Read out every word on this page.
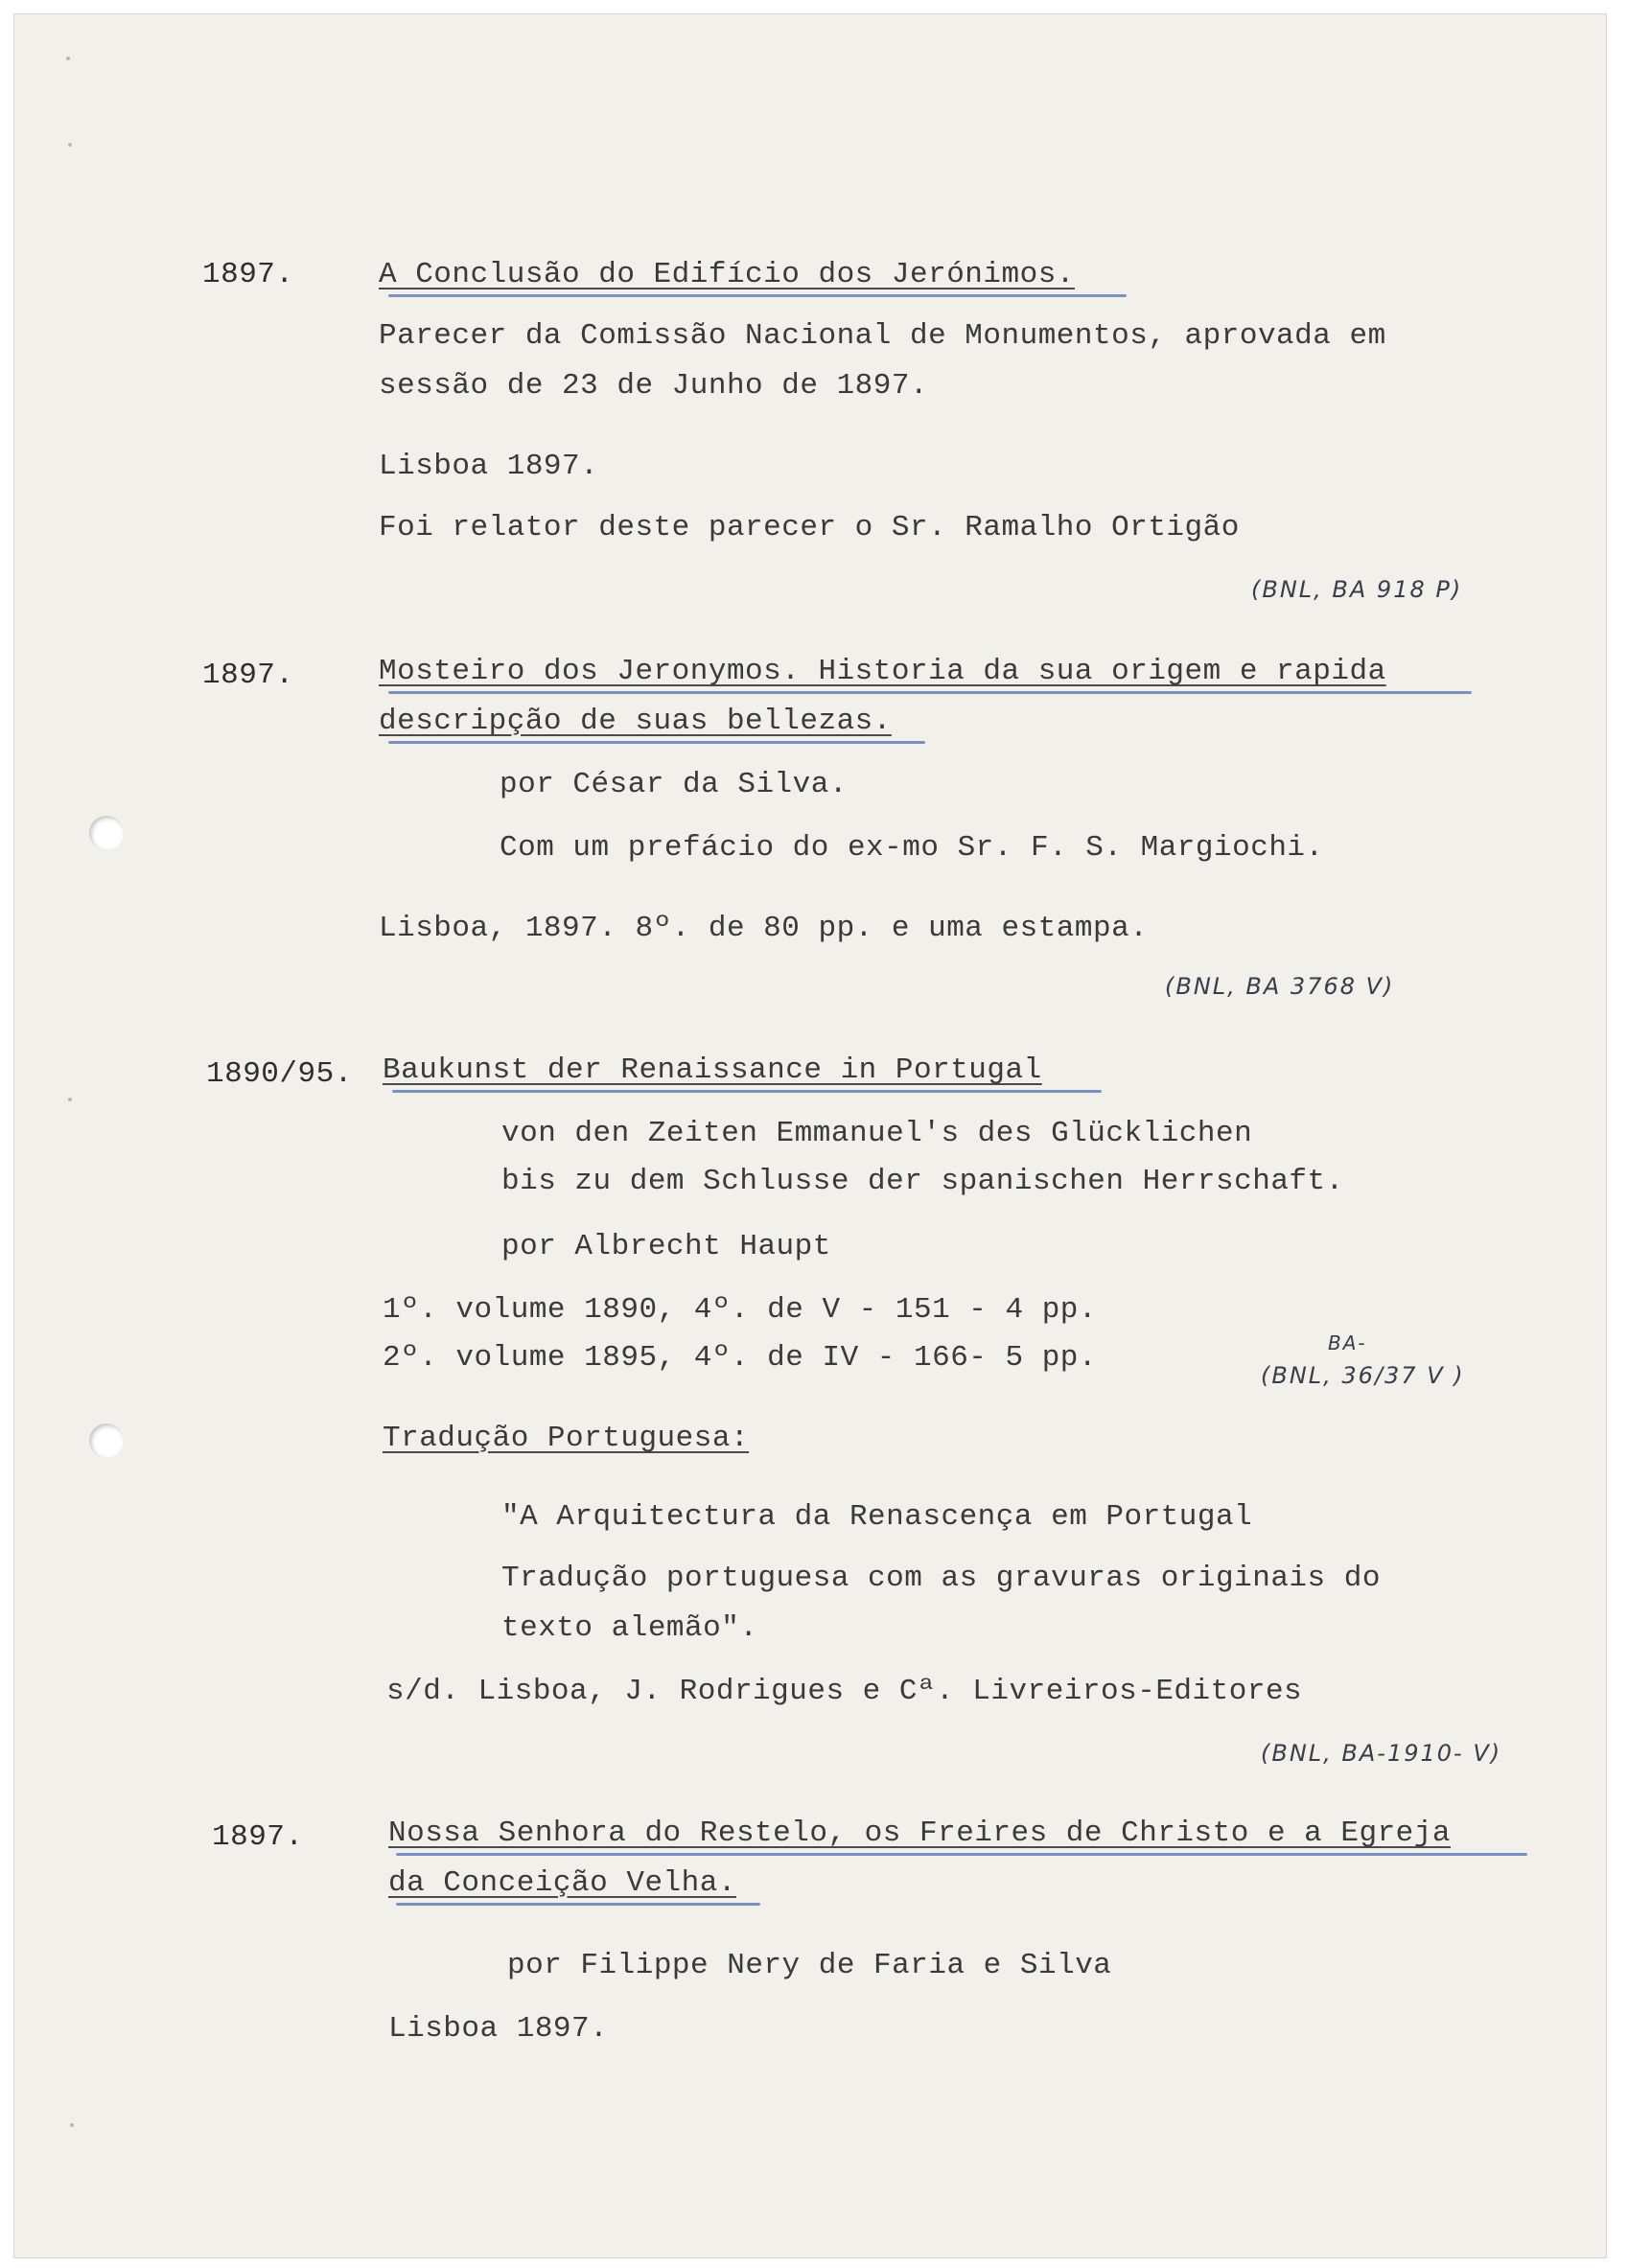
1897.	A Conclusão do Edifício dos Jerónimos.
Parecer da Comissão Nacional de Monumentos, aprovada em
sessão de 23 de Junho de 1897.
Lisboa 1897.
Foi relator deste parecer o Sr. Ramalho Ortigão
(BNL, BA 918 P)
1897.	Mosteiro dos Jeronymos. Historia da sua origem e rapida
descripção de suas bellezas.
por César da Silva.
Com um prefácio do ex-mo Sr. F. S. Margiochi.
Lisboa, 1897. 8º. de 80 pp. e uma estampa.
(BNL, BA 3768 V)
1890/95. Baukunst der Renaissance in Portugal
von den Zeiten Emmanuel's des Glücklichen
bis zu dem Schlusse der spanischen Herrschaft.
por Albrecht Haupt
1º. volume 1890, 4º. de V - 151 - 4 pp.
2º. volume 1895, 4º. de IV - 166- 5 pp.	BA-
(BNL, 36/37 V )
Tradução Portuguesa:
"A Arquitectura da Renascença em Portugal
Tradução portuguesa com as gravuras originais do
texto alemão".
s/d. Lisboa, J. Rodrigues e Cª. Livreiros-Editores
(BNL, BA-1910- V)
1897.	Nossa Senhora do Restelo, os Freires de Christo e a Egreja
da Conceição Velha.
por Filippe Nery de Faria e Silva
Lisboa 1897.
